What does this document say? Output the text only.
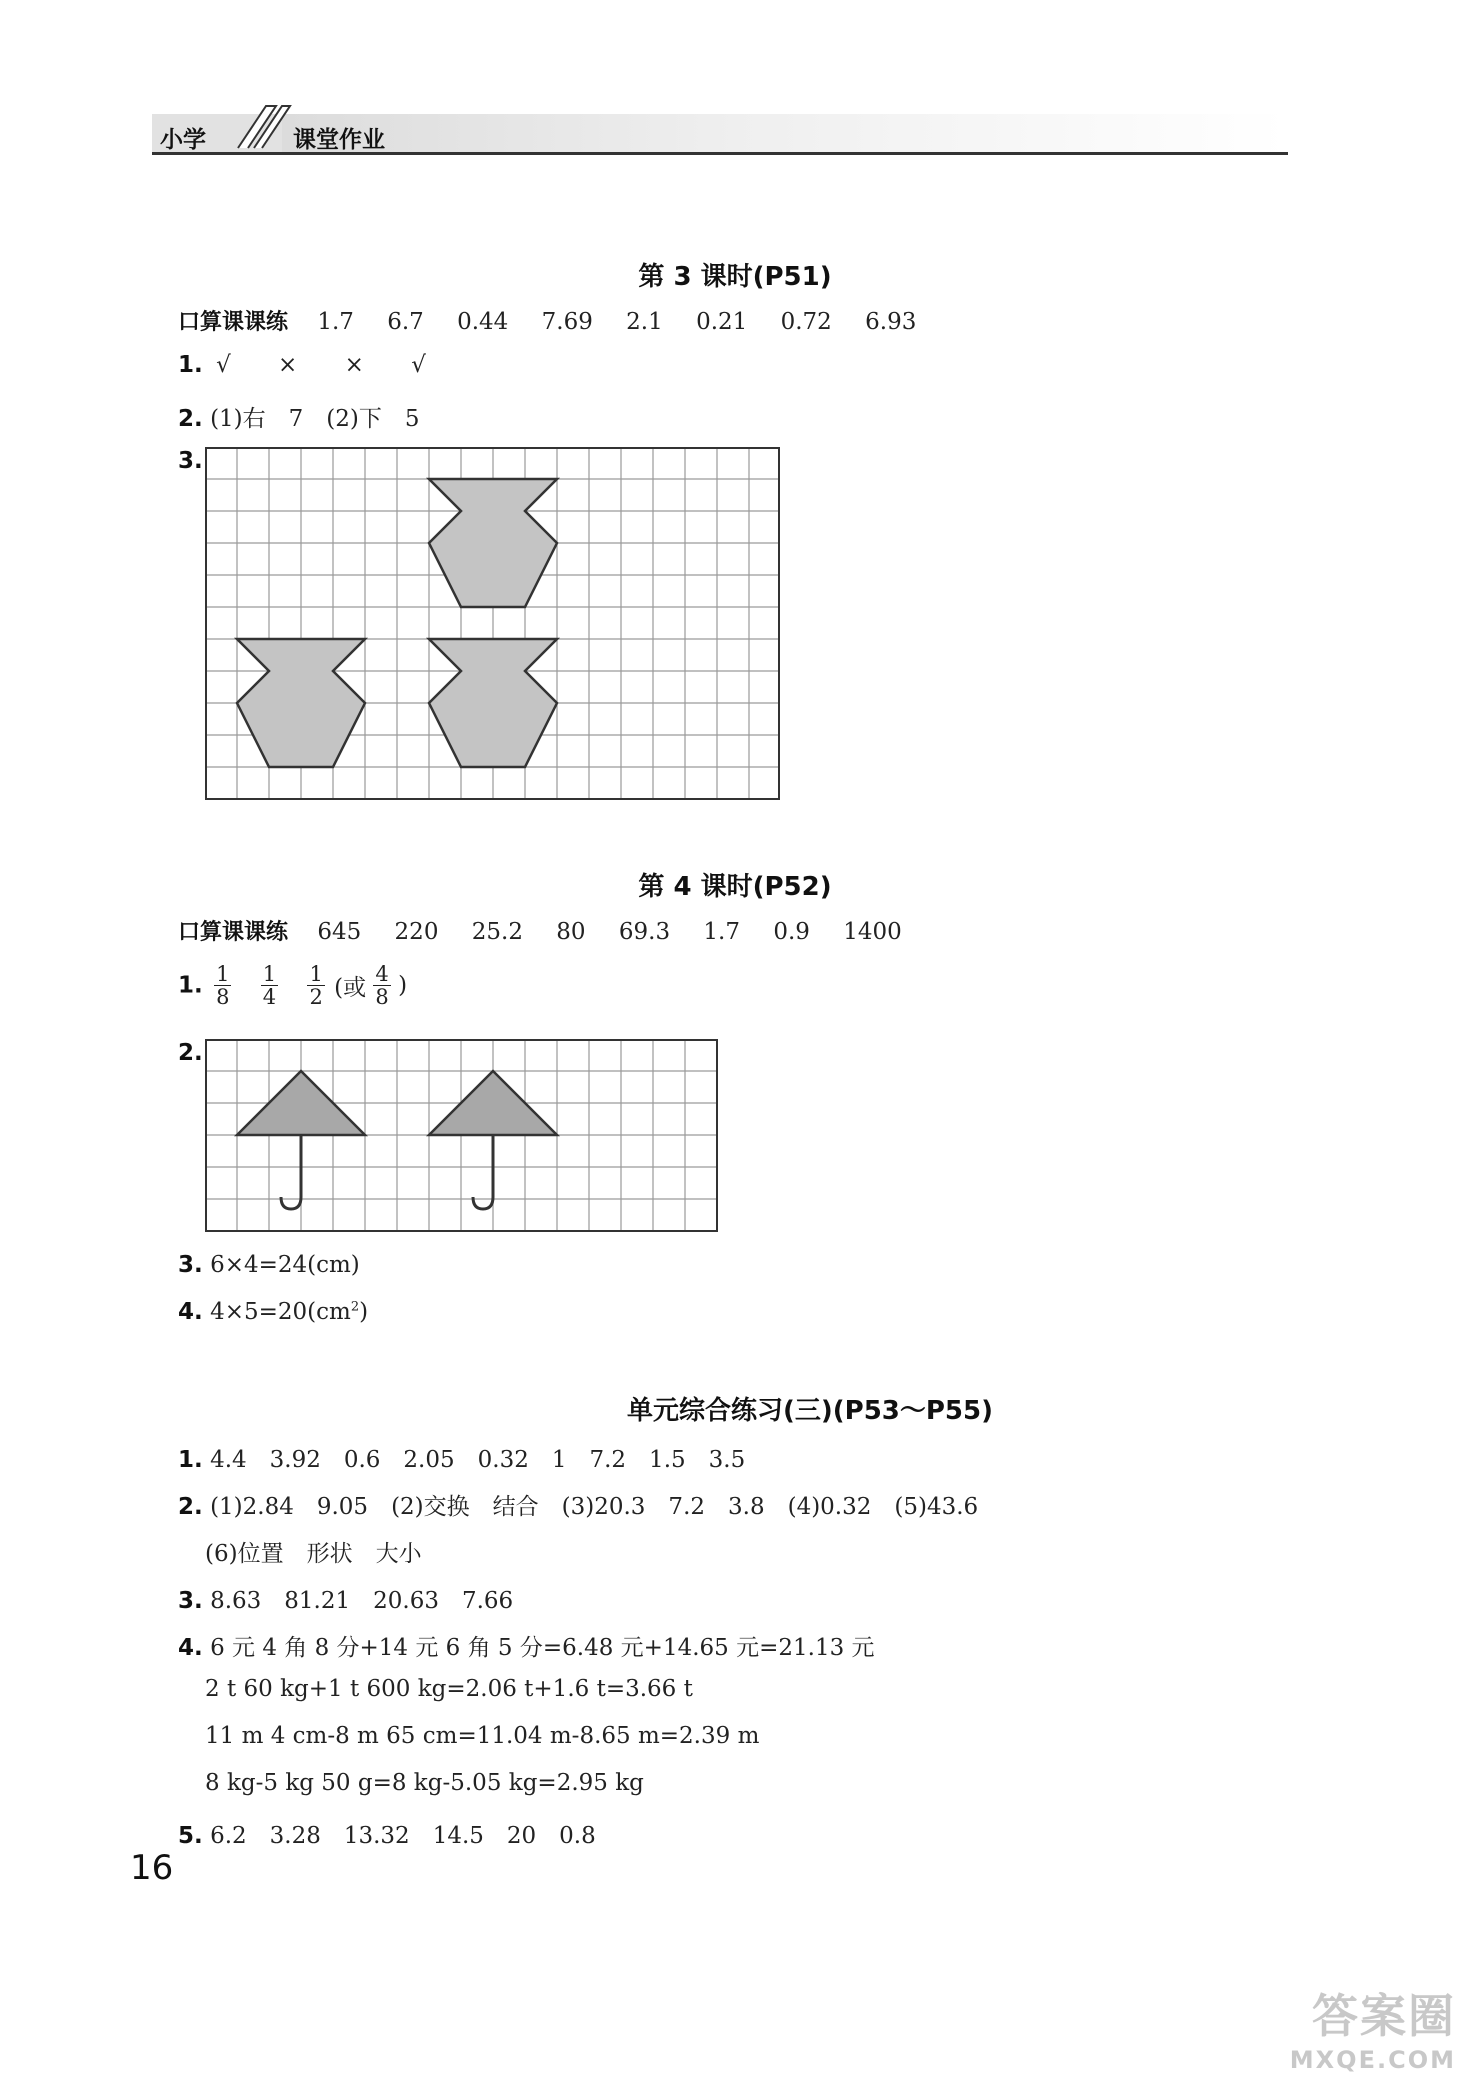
小学	课堂作业
第 3 课时(P51)
口算课课练 1.7 6.7 0.44 7.69 2.1 0.21 0.72 6.93
1. √ × × √
2. (1)右　7　(2)下　5
3.
第 4 课时(P52)
口算课课练 645 220 25.2 80 69.3 1.7 0.9 1400
1. $\frac{1}{8}$
$\frac{1}{4}$
$\frac{1}{2}$ (或 $\frac{4}{8}$ )
2.
3. 6×4=24(cm)
4. $4\times 5=20(cm^2)$
单元综合练习(三)(P53～P55)
1. 4.4　3.92　0.6　2.05　0.32　1　7.2　1.5　3.5
2. (1)2.84　9.05　(2)交换　结合　(3)20.3　7.2　3.8　(4)0.32　(5)43.6
(6)位置　形状　大小
3. 8.63　81.21　20.63　7.66
4. 6 元 4 角 8 分+14 元 6 角 5 分=6.48 元+14.65 元=21.13 元
2 t 60 kg+1 t 600 kg=2.06 t+1.6 t=3.66 t
11 m 4 cm-8 m 65 cm=11.04 m-8.65 m=2.39 m
8 kg-5 kg 50 g=8 kg-5.05 kg=2.95 kg
5. 6.2　3.28　13.32　14.5　20　0.8
16
答案圈
MXQE.COM
